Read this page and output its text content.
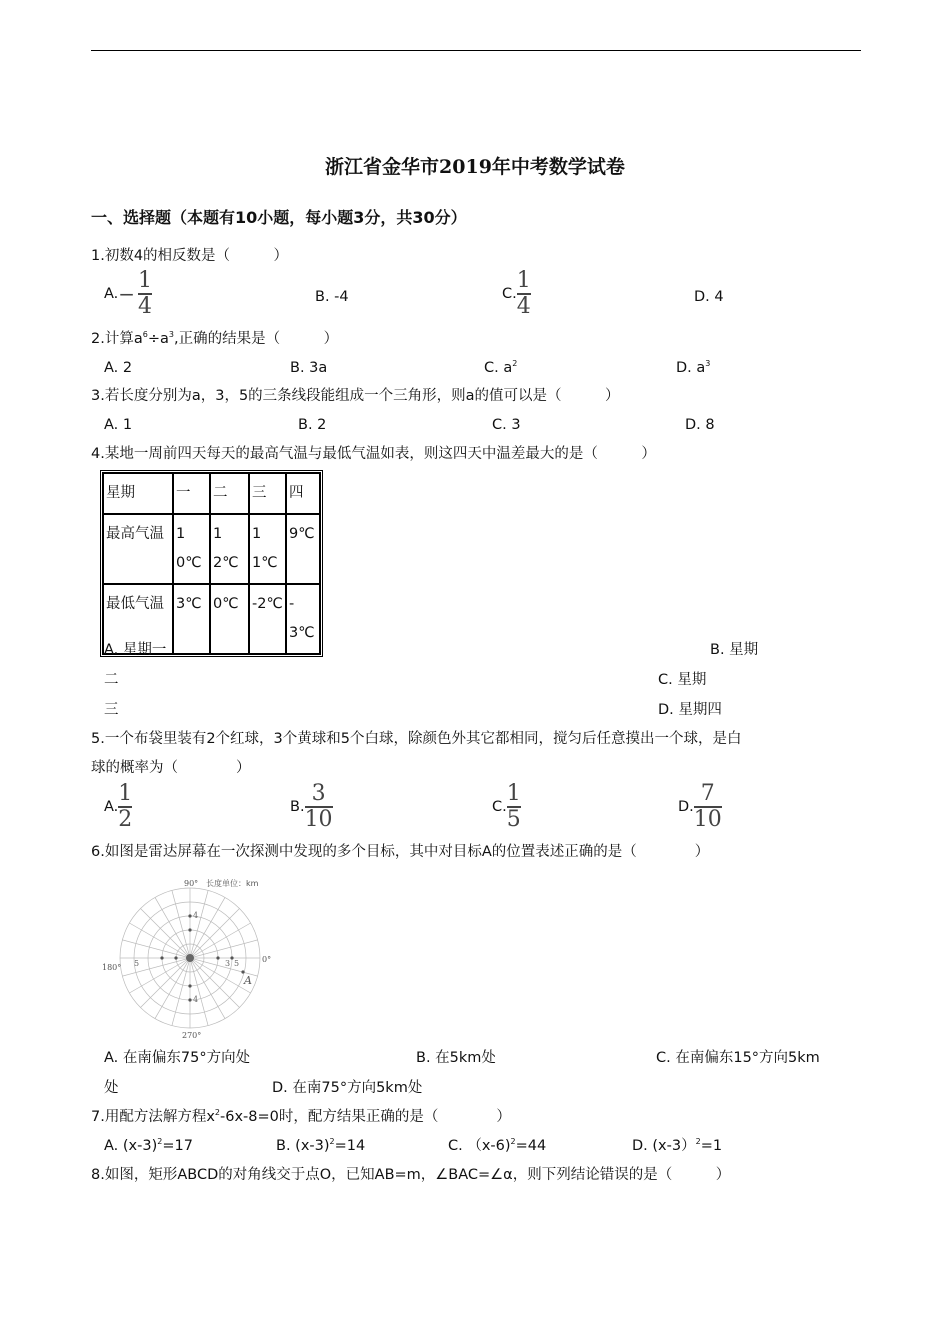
浙江省金华市2019年中考数学试卷
一、选择题（本题有10小题，每小题3分，共30分）
1.初数4的相反数是（　　　）
A. − $\frac{1}{4}$	B. -4	C. $\frac{1}{4}$	D. 4
2.计算$a^6\div a^3$,正确的结果是（　　　）
A. 2	B. 3a	C. $a^2$	D. $a^3$
3.若长度分别为a，3，5的三条线段能组成一个三角形，则a的值可以是（　　　）
A. 1	B. 2	C. 3	D. 8
4.某地一周前四天每天的最高气温与最低气温如表，则这四天中温差最大的是（　　　）
星期	一	二	三	四
最高气温	10℃	12℃	11℃	9℃
最低气温	3℃	0℃	-2℃	-3℃
A. 星期一	B. 星期
二	C. 星期
三	D. 星期四
5.一个布袋里装有2个红球，3个黄球和5个白球，除颜色外其它都相同，搅匀后任意摸出一个球，是白
球的概率为（　　　　）
A. $\frac{1}{2}$	B. $\frac{3}{10}$	C. $\frac{1}{5}$	D. $\frac{7}{10}$
6.如图是雷达屏幕在一次探测中发现的多个目标，其中对目标A的位置表述正确的是（　　　　）
90° 长度单位：km
0°
180°
270°
A
3 5
5
4
4
A. 在南偏东75°方向处	B. 在5km处	C. 在南偏东15°方向5km
处	D. 在南75°方向5km处
7.用配方法解方程$x^2-6x-8=0$时，配方结果正确的是（　　　　）
A. $(x-3)^2=17$	B. $(x-3)^2=14$	C. （x-6)$^2$=44	D. (x-3）$^2$=1
8.如图，矩形ABCD的对角线交于点O，已知AB=m，∠BAC=∠α，则下列结论错误的是（　　　）
